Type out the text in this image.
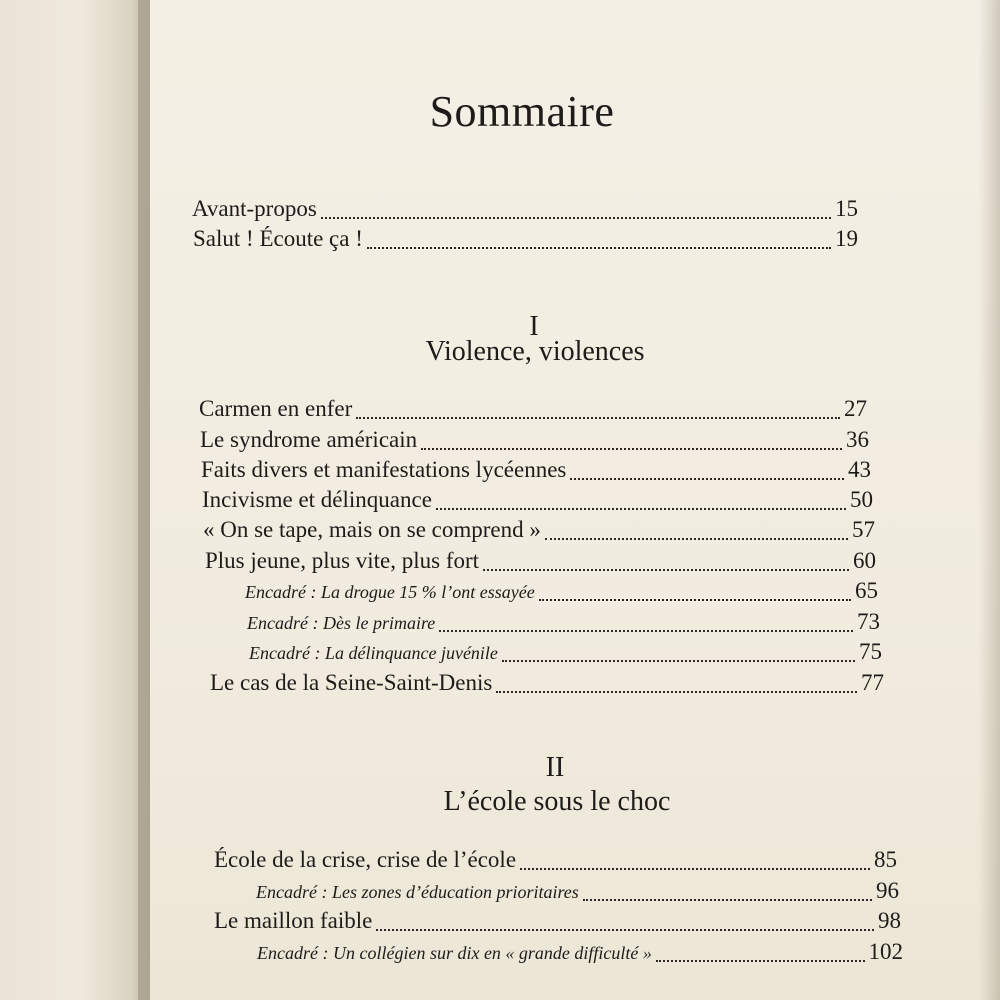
Sommaire
Avant-propos	15
Salut ! Écoute ça !	19
I
Violence, violences
Carmen en enfer	27
Le syndrome américain	36
Faits divers et manifestations lycéennes	43
Incivisme et délinquance	50
« On se tape, mais on se comprend »	57
Plus jeune, plus vite, plus fort	60
Encadré : La drogue 15 % l’ont essayée	65
Encadré : Dès le primaire	73
Encadré : La délinquance juvénile	75
Le cas de la Seine-Saint-Denis	77
II
L’école sous le choc
École de la crise, crise de l’école	85
Encadré : Les zones d’éducation prioritaires	96
Le maillon faible	98
Encadré : Un collégien sur dix en « grande difficulté »	102
